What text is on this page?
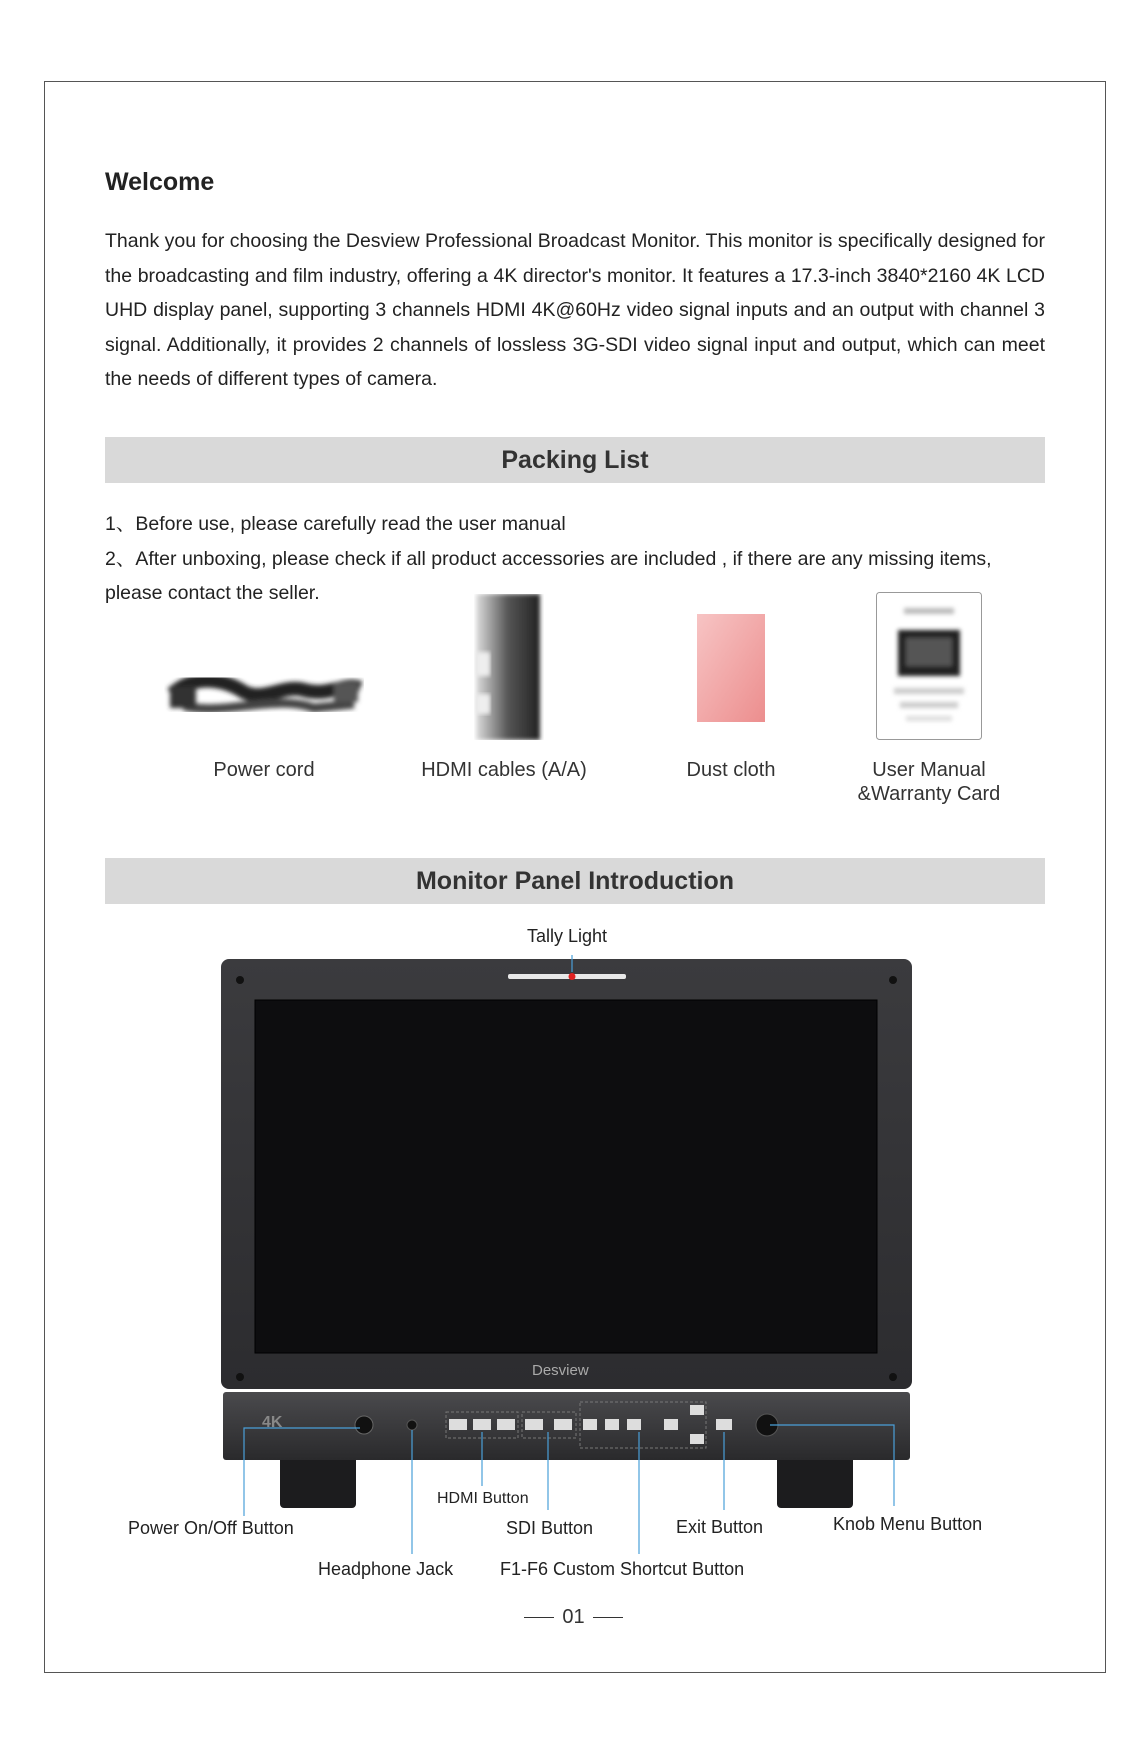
Welcome

Thank you for choosing the Desview Professional Broadcast Monitor. This monitor is specifically designed for the broadcasting and film industry, offering a 4K director's monitor. It features a 17.3-inch 3840*2160 4K LCD UHD display panel, supporting 3 channels HDMI 4K@60Hz video signal inputs and an output with channel 3 signal. Additionally, it provides 2 channels of lossless 3G-SDI video signal input and output, which can meet the needs of different types of camera.

Packing List
1、Before use, please carefully read the user manual
2、After unboxing, please check if all product accessories are included , if there are any missing items, please contact the seller.
Power cord	HDMI cables (A/A)	Dust cloth	User Manual
&Warranty Card
Monitor Panel Introduction
Desview
4K
Tally Light
HDMI Button
Power On/Off Button	SDI Button	Exit Button	Knob Menu Button
Headphone Jack	F1-F6 Custom Shortcut Button
01
